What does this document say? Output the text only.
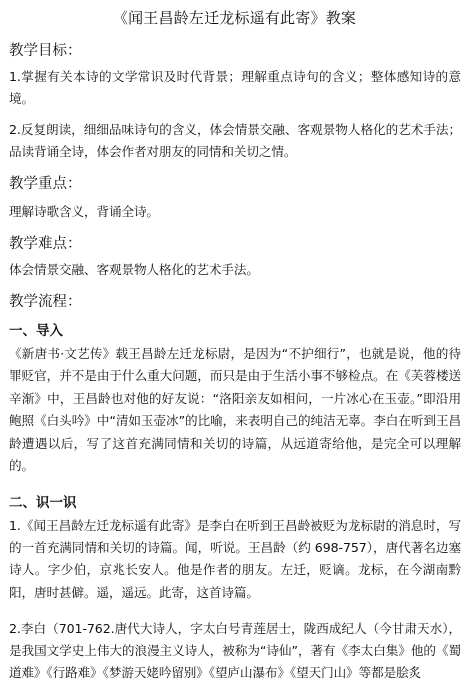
《闻王昌龄左迁龙标遥有此寄》教案
教学目标：

1.掌握有关本诗的文学常识及时代背景；理解重点诗句的含义；整体感知诗的意境。

2.反复朗读，细细品味诗句的含义，体会情景交融、客观景物人格化的艺术手法；品读背诵全诗，体会作者对朋友的同情和关切之情。

教学重点：

理解诗歌含义，背诵全诗。

教学难点：

体会情景交融、客观景物人格化的艺术手法。

教学流程：
一、导入

《新唐书·文艺传》载王昌龄左迁龙标尉，是因为“不护细行”，也就是说，他的待罪贬官，并不是由于什么重大问题，而只是由于生活小事不够检点。在《芙蓉楼送辛渐》中，王昌龄也对他的好友说：“洛阳亲友如相问，一片冰心在玉壶。”即沿用鲍照《白头吟》中“清如玉壶冰”的比喻，来表明自己的纯洁无辜。李白在听到王昌龄遭遇以后，写了这首充满同情和关切的诗篇，从远道寄给他，是完全可以理解的。

二、识一识

1.《闻王昌龄左迁龙标遥有此寄》是李白在听到王昌龄被贬为龙标尉的消息时，写的一首充满同情和关切的诗篇。闻，听说。王昌龄（约 698-757），唐代著名边塞诗人。字少伯，京兆长安人。他是作者的朋友。左迁，贬谪。龙标，在今湖南黔阳，唐时甚僻。遥，遥远。此寄，这首诗篇。

2.李白（701-762.唐代大诗人，字太白号青莲居士，陇西成纪人（今甘肃天水），是我国文学史上伟大的浪漫主义诗人，被称为“诗仙”，著有《李太白集》他的《蜀道难》《行路难》《梦游天姥吟留别》《望庐山瀑布》《望天门山》等都是脍炙
